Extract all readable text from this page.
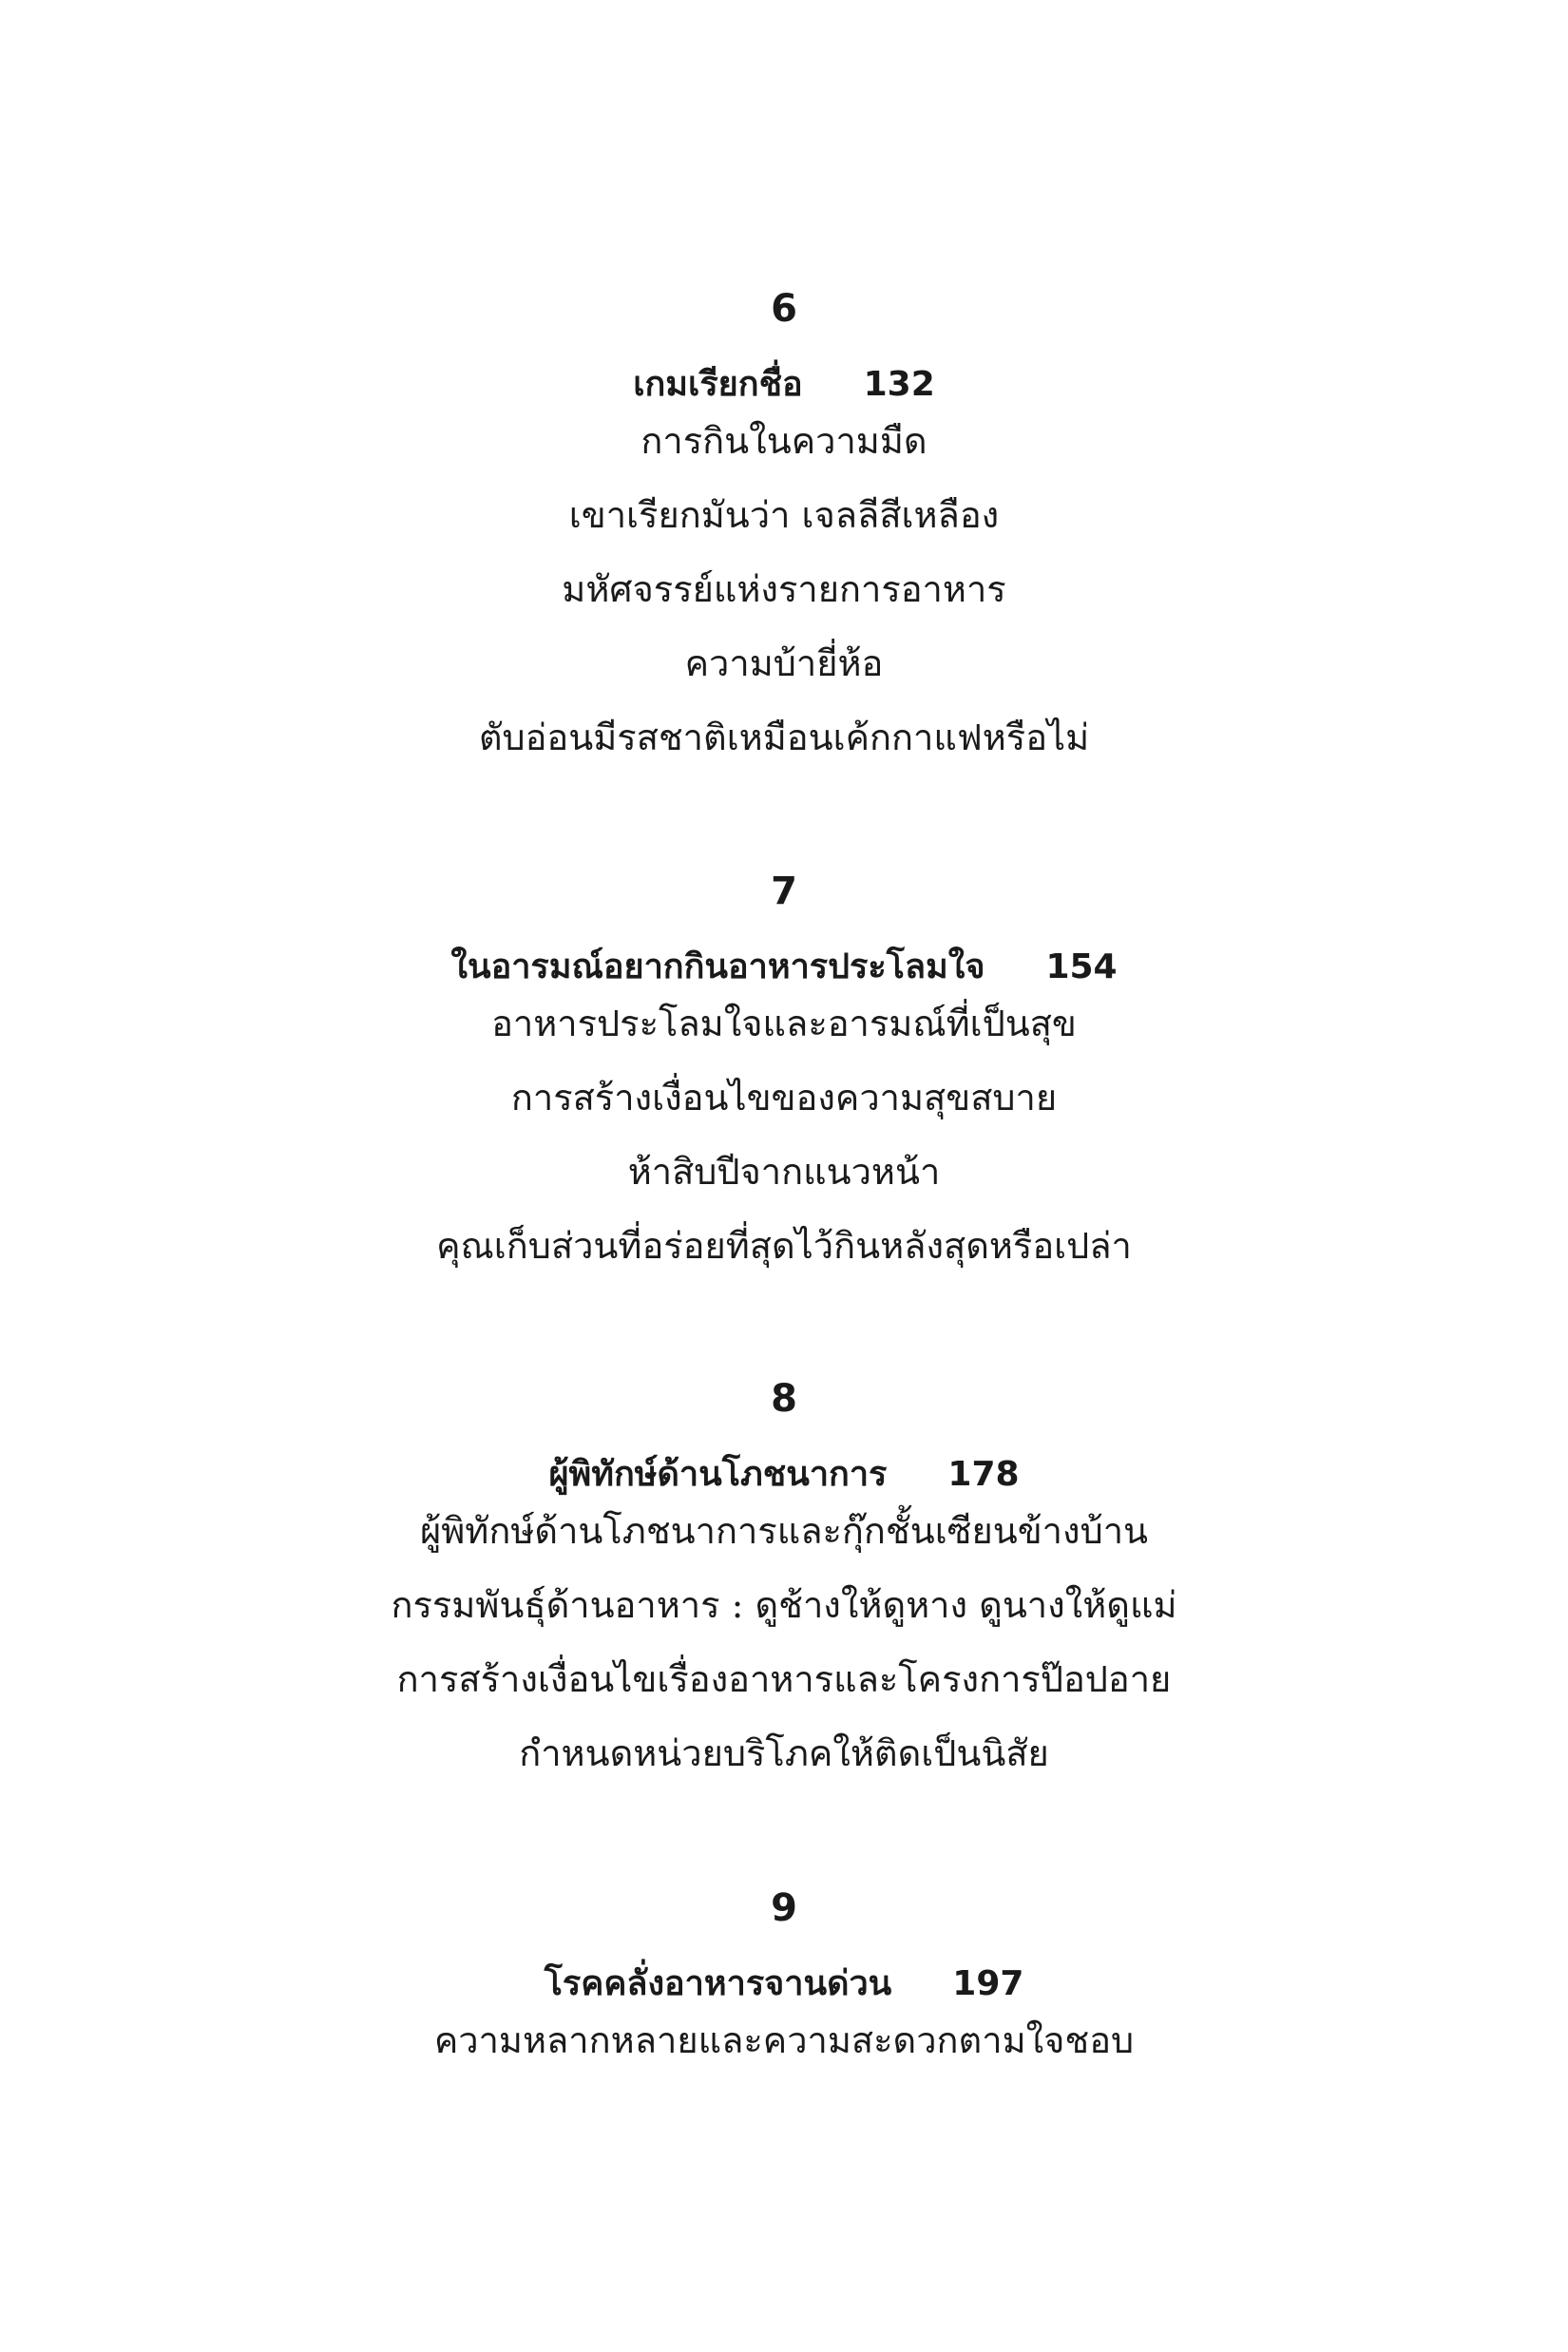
6
เกมเรียกชื่อ 132
การกินในความมืด
เขาเรียกมันว่า เจลลีสีเหลือง
มหัศจรรย์แห่งรายการอาหาร
ความบ้ายี่ห้อ
ตับอ่อนมีรสชาติเหมือนเค้กกาแฟหรือไม่
7
ในอารมณ์อยากกินอาหารประโลมใจ 154
อาหารประโลมใจและอารมณ์ที่เป็นสุข
การสร้างเงื่อนไขของความสุขสบาย
ห้าสิบปีจากแนวหน้า
คุณเก็บส่วนที่อร่อยที่สุดไว้กินหลังสุดหรือเปล่า
8
ผู้พิทักษ์ด้านโภชนาการ 178
ผู้พิทักษ์ด้านโภชนาการและกุ๊กชั้นเซียนข้างบ้าน
กรรมพันธุ์ด้านอาหาร : ดูช้างให้ดูหาง ดูนางให้ดูแม่
การสร้างเงื่อนไขเรื่องอาหารและโครงการป๊อปอาย
กำหนดหน่วยบริโภคให้ติดเป็นนิสัย
9
โรคคลั่งอาหารจานด่วน 197
ความหลากหลายและความสะดวกตามใจชอบ
